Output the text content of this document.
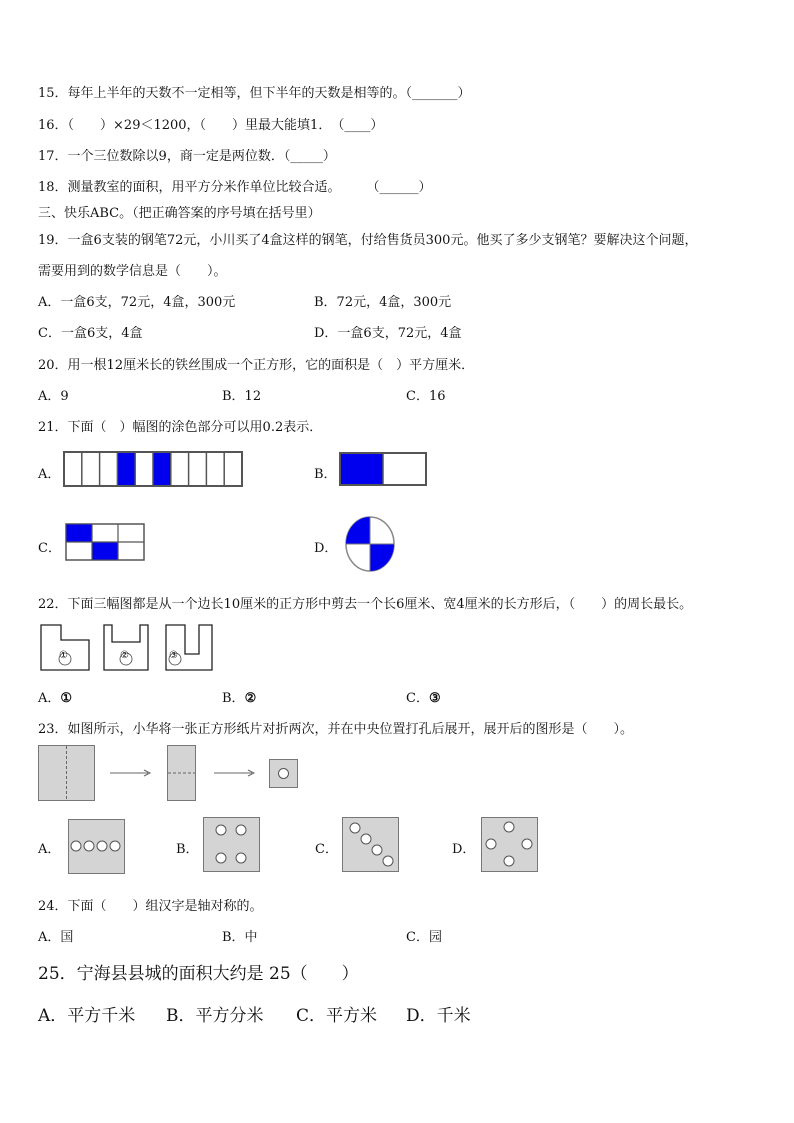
15．每年上半年的天数不一定相等，但下半年的天数是相等的。（_______）
16．（　　）×29＜1200，（　　）里最大能填1．　（____）
17．一个三位数除以9，商一定是两位数．（_____）
18．测量教室的面积，用平方分米作单位比较合适。　　　（______）
三、快乐ABC。（把正确答案的序号填在括号里）
19．一盒6支装的钢笔72元，小川买了4盒这样的钢笔，付给售货员300元。他买了多少支钢笔？要解决这个问题，
需要用到的数学信息是（　　）。
A．一盒6支，72元，4盒，300元	B．72元，4盒，300元
C．一盒6支，4盒	D．一盒6支，72元，4盒
20．用一根12厘米长的铁丝围成一个正方形，它的面积是（　）平方厘米．
A．9	B．12	C．16
21．下面（　）幅图的涂色部分可以用0.2表示．
A．	B．
C．	D．
22．下面三幅图都是从一个边长10厘米的正方形中剪去一个长6厘米、宽4厘米的长方形后，（　　）的周长最长。
①	②	③
A．①	B．②	C．③
23．如图所示，小华将一张正方形纸片对折两次，并在中央位置打孔后展开，展开后的图形是（　　）。
A．	B．	C．	D．
24．下面（　　）组汉字是轴对称的。
A．国	B．中	C．园
25．宁海县县城的面积大约是 25（　　）
A．平方千米 B．平方分米 C．平方米 D．千米
